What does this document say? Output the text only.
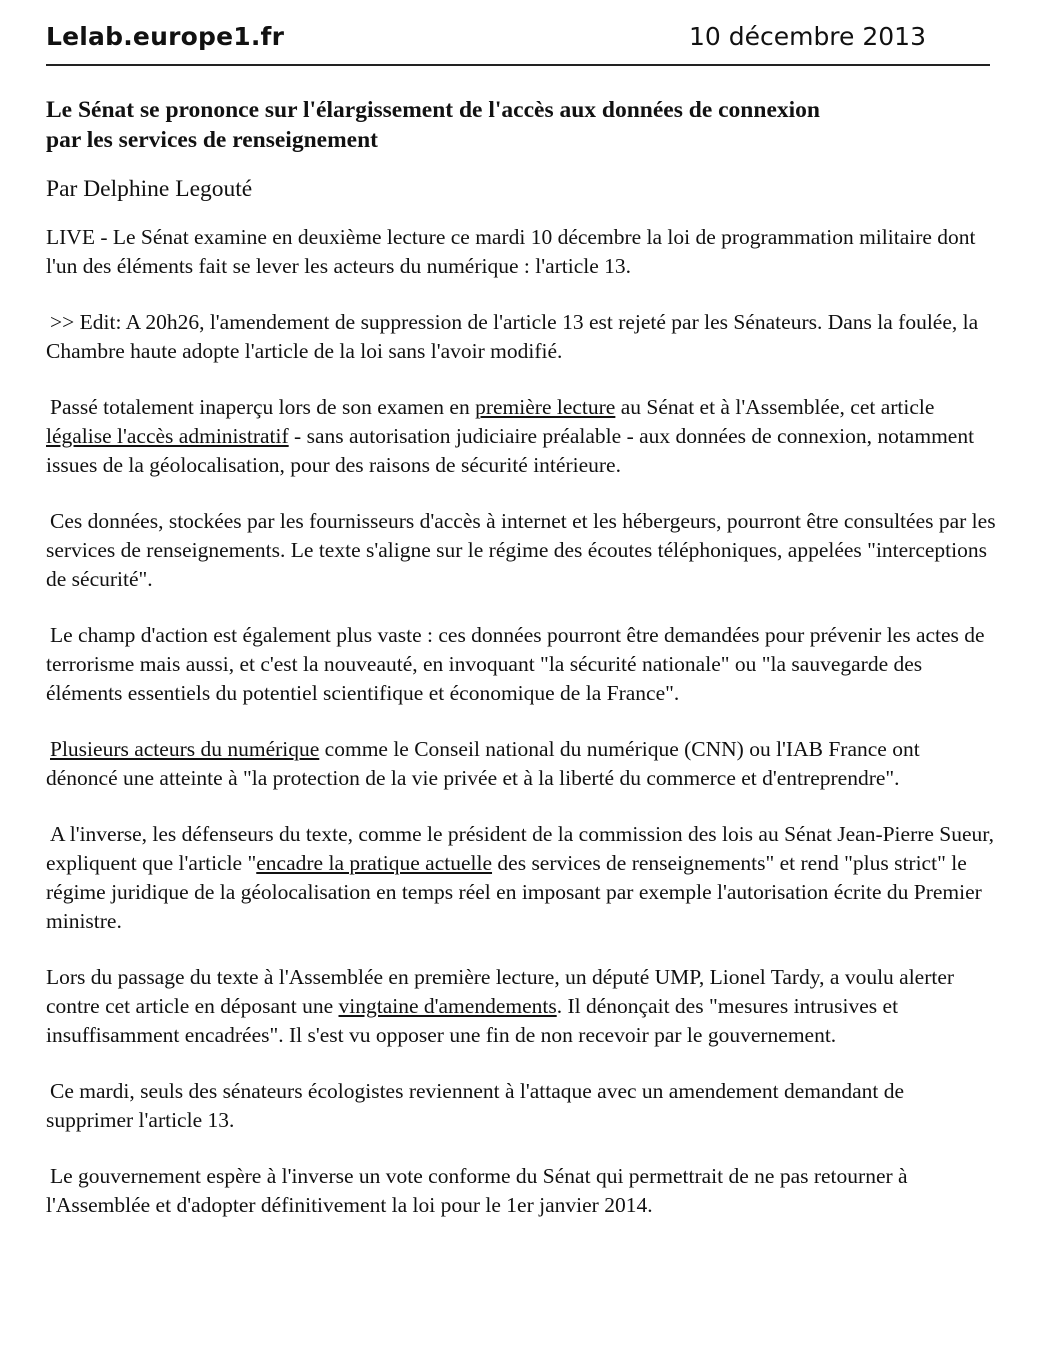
Lelab.europe1.fr	10 décembre 2013
Le Sénat se prononce sur l'élargissement de l'accès aux données de connexion
par les services de renseignement

Par Delphine Legouté

LIVE - Le Sénat examine en deuxième lecture ce mardi 10 décembre la loi de programmation militaire dont l'un des éléments fait se lever les acteurs du numérique : l'article 13.

>> Edit: A 20h26, l'amendement de suppression de l'article 13 est rejeté par les Sénateurs. Dans la foulée, la Chambre haute adopte l'article de la loi sans l'avoir modifié.

Passé totalement inaperçu lors de son examen en première lecture au Sénat et à l'Assemblée, cet article légalise l'accès administratif - sans autorisation judiciaire préalable - aux données de connexion, notamment issues de la géolocalisation, pour des raisons de sécurité intérieure.

Ces données, stockées par les fournisseurs d'accès à internet et les hébergeurs, pourront être consultées par les services de renseignements. Le texte s'aligne sur le régime des écoutes téléphoniques, appelées "interceptions de sécurité".

Le champ d'action est également plus vaste : ces données pourront être demandées pour prévenir les actes de terrorisme mais aussi, et c'est la nouveauté, en invoquant "la sécurité nationale" ou "la sauvegarde des éléments essentiels du potentiel scientifique et économique de la France".

Plusieurs acteurs du numérique comme le Conseil national du numérique (CNN) ou l'IAB France ont dénoncé une atteinte à "la protection de la vie privée et à la liberté du commerce et d'entreprendre".

A l'inverse, les défenseurs du texte, comme le président de la commission des lois au Sénat Jean-Pierre Sueur, expliquent que l'article "encadre la pratique actuelle des services de renseignements" et rend "plus strict" le régime juridique de la géolocalisation en temps réel en imposant par exemple l'autorisation écrite du Premier ministre.

Lors du passage du texte à l'Assemblée en première lecture, un député UMP, Lionel Tardy, a voulu alerter contre cet article en déposant une vingtaine d'amendements. Il dénonçait des "mesures intrusives et insuffisamment encadrées". Il s'est vu opposer une fin de non recevoir par le gouvernement.

Ce mardi, seuls des sénateurs écologistes reviennent à l'attaque avec un amendement demandant de supprimer l'article 13.

Le gouvernement espère à l'inverse un vote conforme du Sénat qui permettrait de ne pas retourner à l'Assemblée et d'adopter définitivement la loi pour le 1er janvier 2014.
